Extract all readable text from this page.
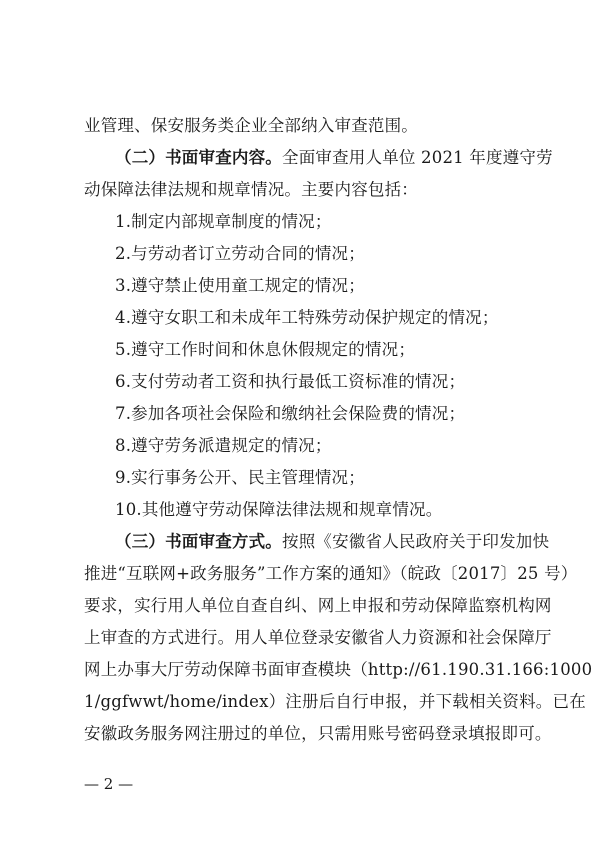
业管理、保安服务类企业全部纳入审查范围。
（二）书面审查内容。全面审查用人单位 2021 年度遵守劳
动保障法律法规和规章情况。主要内容包括：
1.制定内部规章制度的情况；
2.与劳动者订立劳动合同的情况；
3.遵守禁止使用童工规定的情况；
4.遵守女职工和未成年工特殊劳动保护规定的情况；
5.遵守工作时间和休息休假规定的情况；
6.支付劳动者工资和执行最低工资标准的情况；
7.参加各项社会保险和缴纳社会保险费的情况；
8.遵守劳务派遣规定的情况；
9.实行事务公开、民主管理情况；
10.其他遵守劳动保障法律法规和规章情况。
（三）书面审查方式。按照《安徽省人民政府关于印发加快
推进“互联网+政务服务”工作方案的通知》（皖政〔2017〕25 号）
要求，实行用人单位自查自纠、网上申报和劳动保障监察机构网
上审查的方式进行。用人单位登录安徽省人力资源和社会保障厅
网上办事大厅劳动保障书面审查模块（http://61.190.31.166:1000
1/ggfwwt/home/index）注册后自行申报，并下载相关资料。已在
安徽政务服务网注册过的单位，只需用账号密码登录填报即可。
— 2 —
